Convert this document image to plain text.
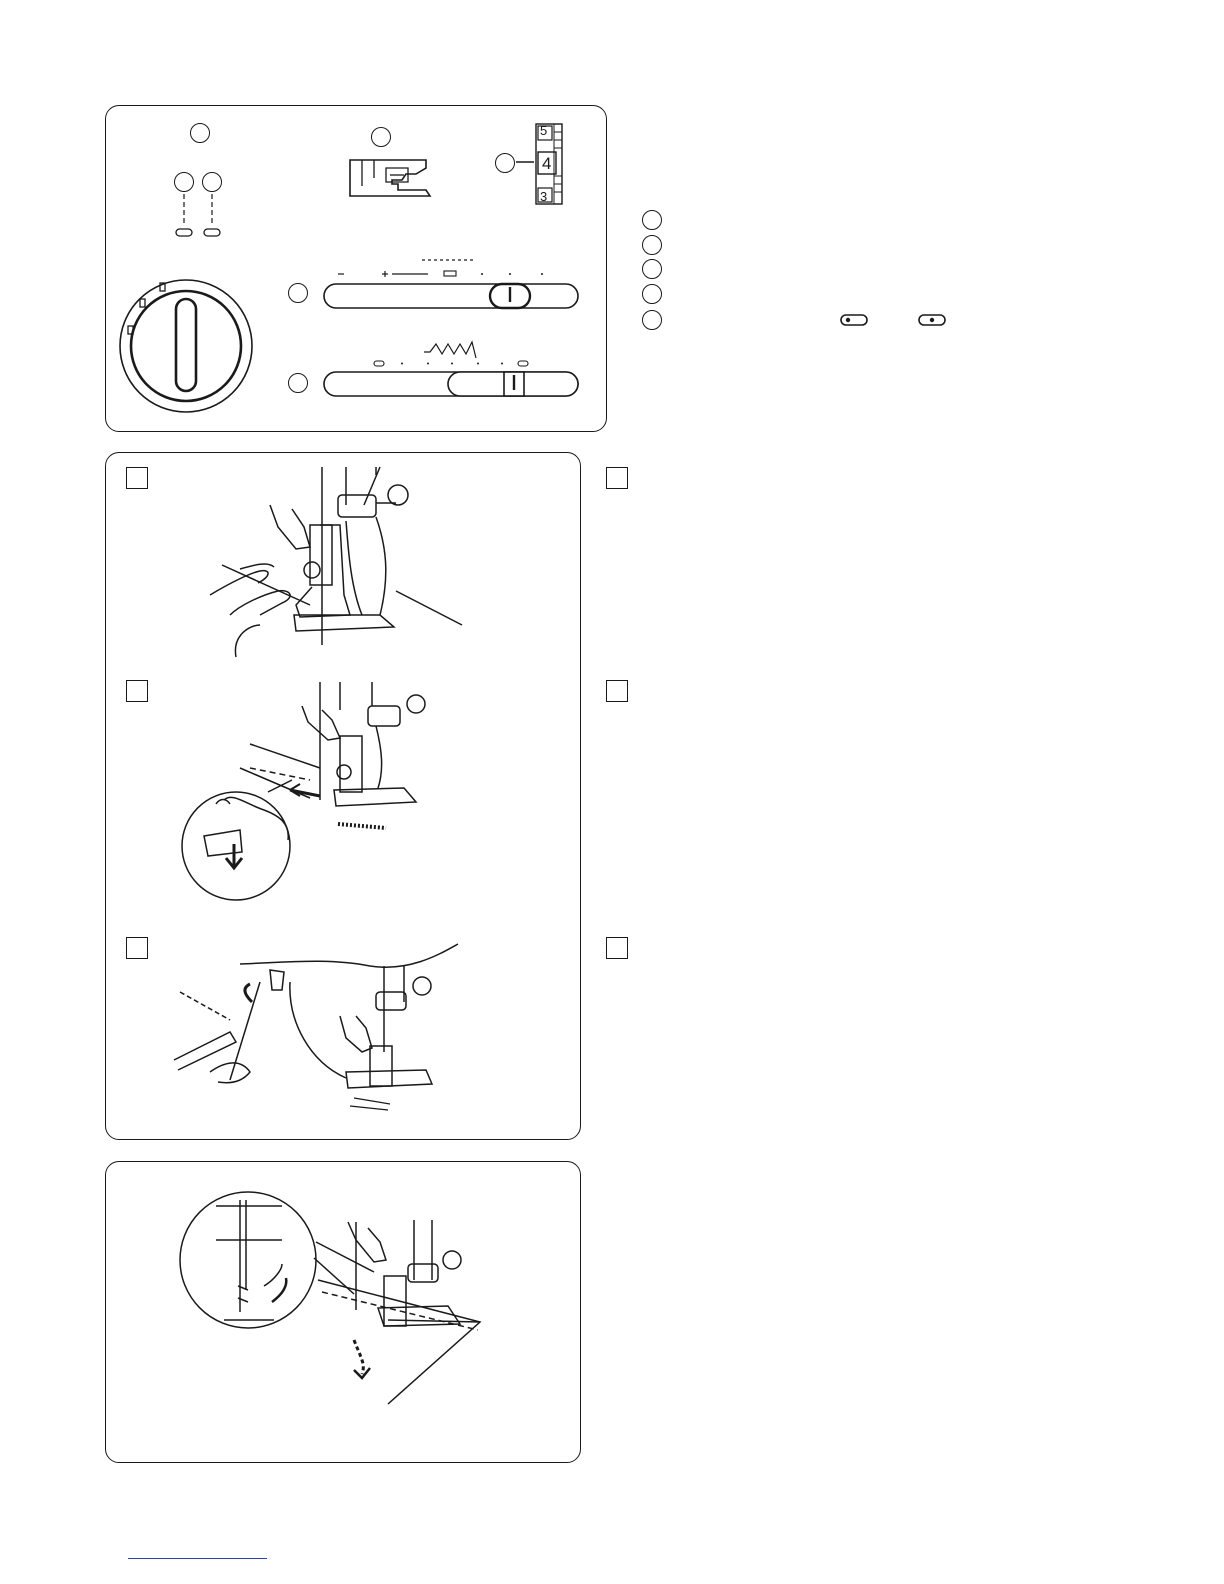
5
4
3
